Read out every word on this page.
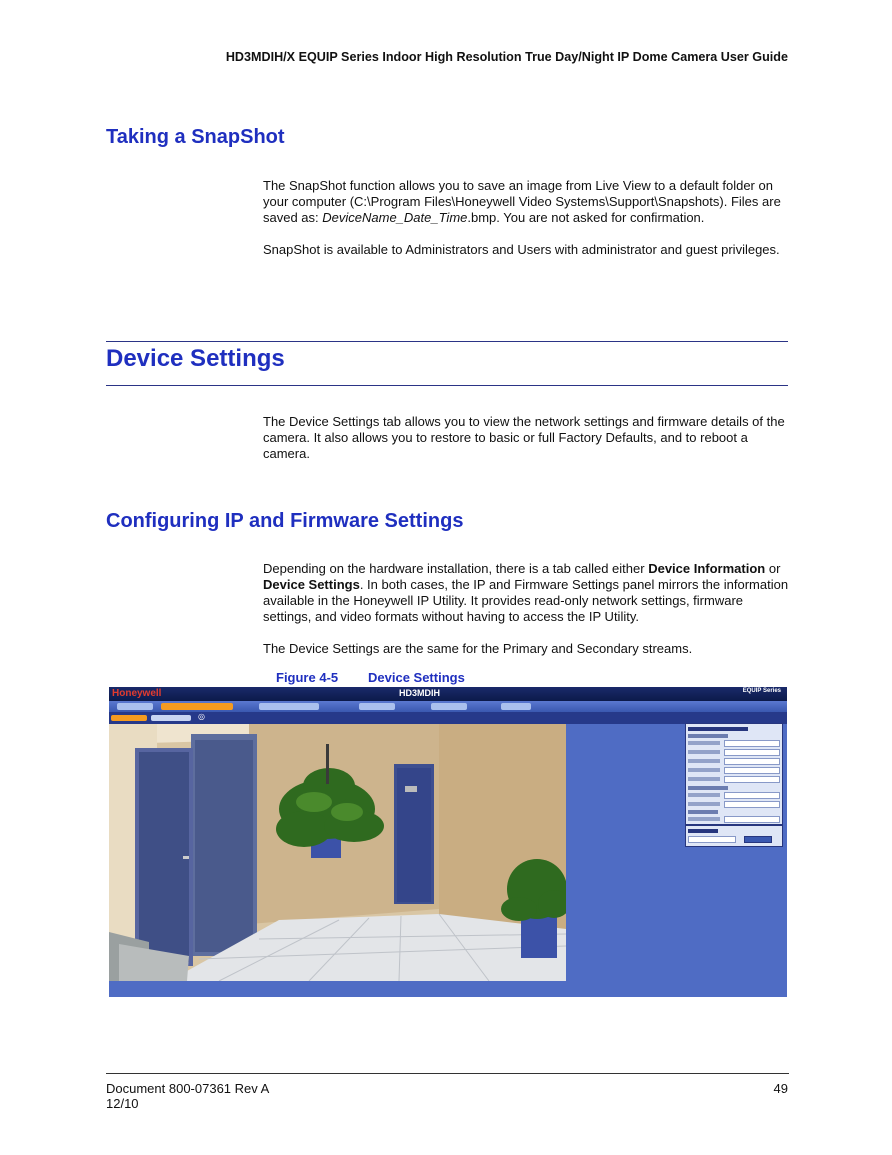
HD3MDIH/X EQUIP Series Indoor High Resolution True Day/Night IP Dome Camera User Guide
Taking a SnapShot

The SnapShot function allows you to save an image from Live View to a default folder on your computer (C:\Program Files\Honeywell Video Systems\Support\Snapshots). Files are saved as: DeviceName_Date_Time.bmp. You are not asked for confirmation.

SnapShot is available to Administrators and Users with administrator and guest privileges.

Device Settings

The Device Settings tab allows you to view the network settings and firmware details of the camera. It also allows you to restore to basic or full Factory Defaults, and to reboot a camera.

Configuring IP and Firmware Settings

Depending on the hardware installation, there is a tab called either Device Information or Device Settings. In both cases, the IP and Firmware Settings panel mirrors the information available in the Honeywell IP Utility. It provides read-only network settings, firmware settings, and video formats without having to access the IP Utility.

The Device Settings are the same for the Primary and Secondary streams.

Figure 4-5 Device Settings
Honeywell	HD3MDIH	EQUIP Series
◎
Document 800-07361 Rev A
12/10
49
